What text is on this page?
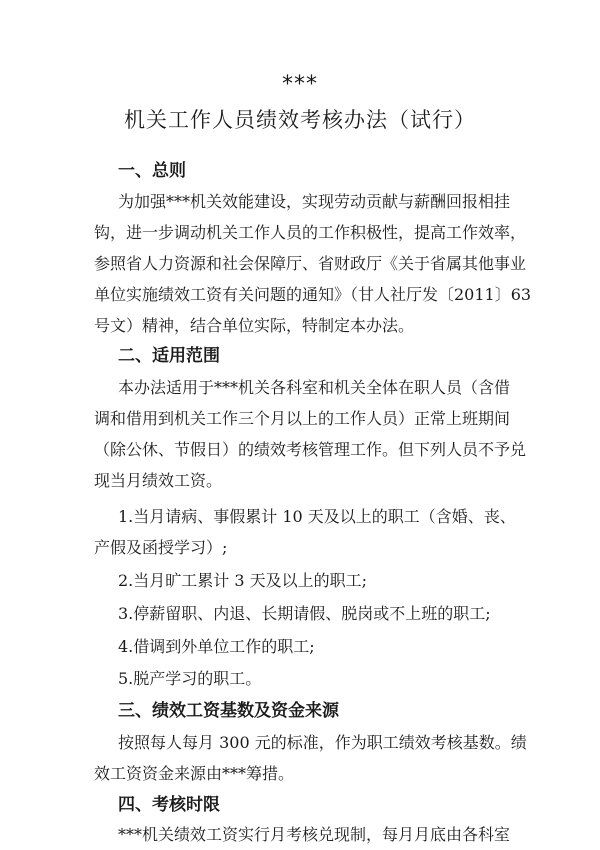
***
机关工作人员绩效考核办法（试行）
一、总则
为加强***机关效能建设，实现劳动贡献与薪酬回报相挂
钩，进一步调动机关工作人员的工作积极性，提高工作效率，
参照省人力资源和社会保障厅、省财政厅《关于省属其他事业
单位实施绩效工资有关问题的通知》（甘人社厅发〔2011〕63
号文）精神，结合单位实际，特制定本办法。
二、适用范围
本办法适用于***机关各科室和机关全体在职人员（含借
调和借用到机关工作三个月以上的工作人员）正常上班期间
（除公休、节假日）的绩效考核管理工作。但下列人员不予兑
现当月绩效工资。
1.当月请病、事假累计 10 天及以上的职工（含婚、丧、
产假及函授学习）;
2.当月旷工累计 3 天及以上的职工;
3.停薪留职、内退、长期请假、脱岗或不上班的职工;
4.借调到外单位工作的职工;
5.脱产学习的职工。
三、绩效工资基数及资金来源
按照每人每月 300 元的标准，作为职工绩效考核基数。绩
效工资资金来源由***筹措。
四、考核时限
***机关绩效工资实行月考核兑现制，每月月底由各科室
